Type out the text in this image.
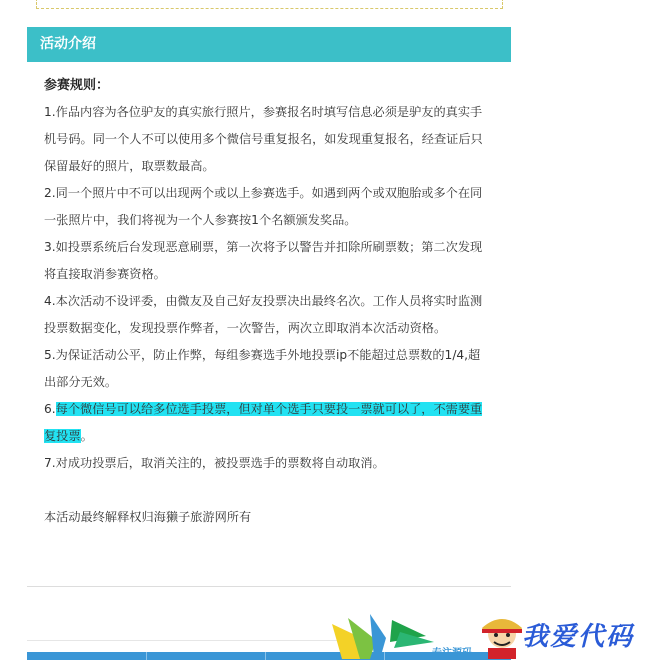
活动介绍

参赛规则：

1.作品内容为各位驴友的真实旅行照片，参赛报名时填写信息必须是驴友的真实手机号码。同一个人不可以使用多个微信号重复报名，如发现重复报名，经查证后只保留最好的照片，取票数最高。

2.同一个照片中不可以出现两个或以上参赛选手。如遇到两个或双胞胎或多个在同一张照片中，我们将视为一个人参赛按1个名额颁发奖品。

3.如投票系统后台发现恶意刷票，第一次将予以警告并扣除所刷票数；第二次发现将直接取消参赛资格。

4.本次活动不设评委，由微友及自己好友投票决出最终名次。工作人员将实时监测投票数据变化，发现投票作弊者，一次警告，两次立即取消本次活动资格。

5.为保证活动公平，防止作弊，每组参赛选手外地投票ip不能超过总票数的1/4,超出部分无效。

6.每个微信号可以给多位选手投票，但对单个选手只要投一票就可以了，不需要重复投票。

7.对成功投票后，取消关注的，被投票选手的票数将自动取消。

本活动最终解释权归海獭子旅游网所有

我爱代码
专注源码
